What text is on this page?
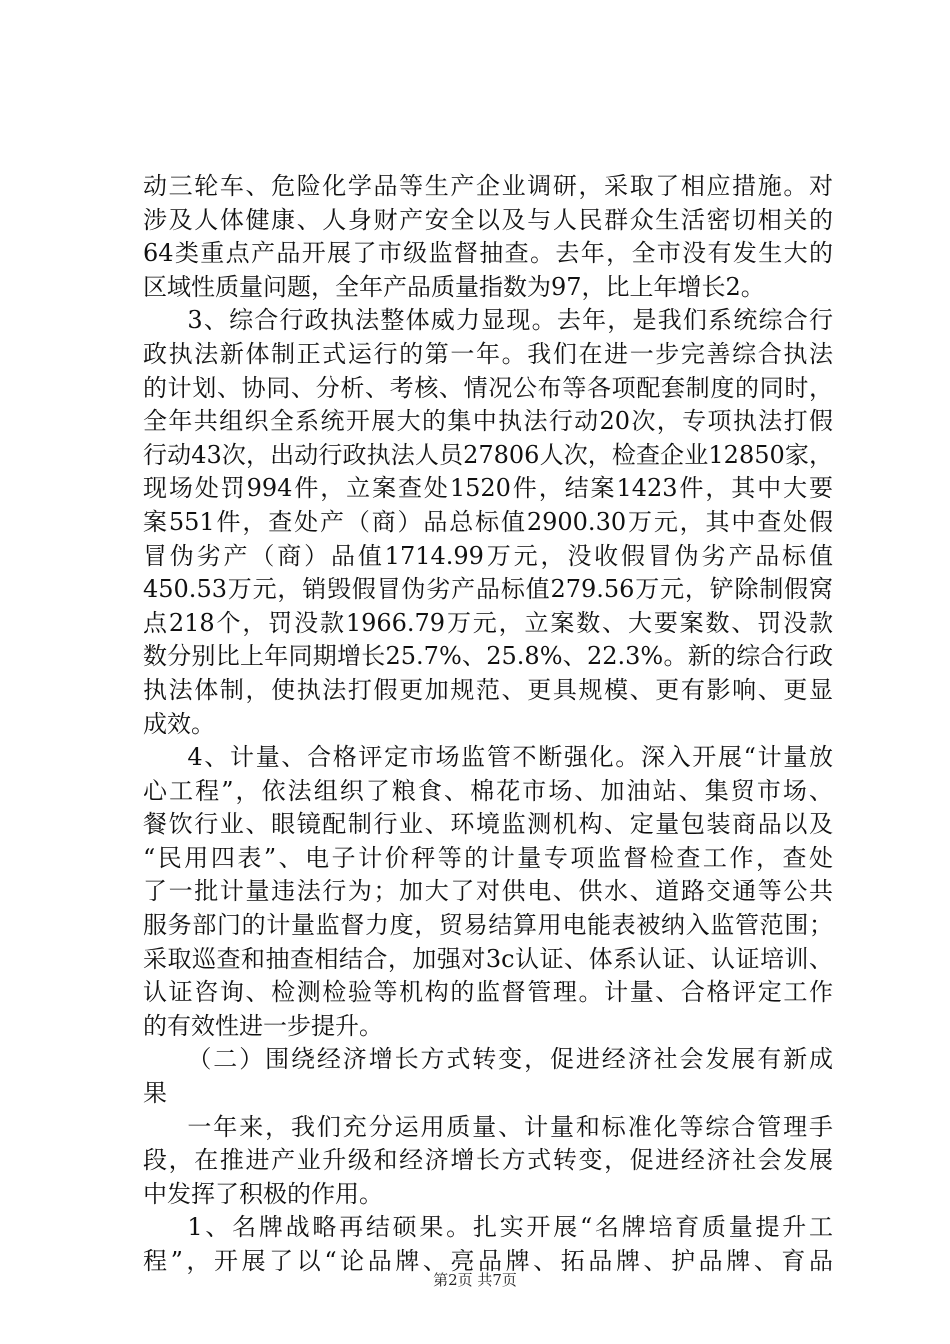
动三轮车、危险化学品等生产企业调研，采取了相应措施。对
涉及人体健康、人身财产安全以及与人民群众生活密切相关的
64类重点产品开展了市级监督抽查。去年，全市没有发生大的
区域性质量问题，全年产品质量指数为97，比上年增长2。
3、综合行政执法整体威力显现。去年，是我们系统综合行
政执法新体制正式运行的第一年。我们在进一步完善综合执法
的计划、协同、分析、考核、情况公布等各项配套制度的同时，
全年共组织全系统开展大的集中执法行动20次，专项执法打假
行动43次，出动行政执法人员27806人次，检查企业12850家，
现场处罚994件，立案查处1520件，结案1423件，其中大要
案551件，查处产（商）品总标值2900.30万元，其中查处假
冒伪劣产（商）品值1714.99万元，没收假冒伪劣产品标值
450.53万元，销毁假冒伪劣产品标值279.56万元，铲除制假窝
点218个，罚没款1966.79万元，立案数、大要案数、罚没款
数分别比上年同期增长25.7%、25.8%、22.3%。新的综合行政
执法体制，使执法打假更加规范、更具规模、更有影响、更显
成效。
4、计量、合格评定市场监管不断强化。深入开展“计量放
心工程”，依法组织了粮食、棉花市场、加油站、集贸市场、
餐饮行业、眼镜配制行业、环境监测机构、定量包装商品以及
“民用四表”、电子计价秤等的计量专项监督检查工作，查处
了一批计量违法行为；加大了对供电、供水、道路交通等公共
服务部门的计量监督力度，贸易结算用电能表被纳入监管范围；
采取巡查和抽查相结合，加强对3c认证、体系认证、认证培训、
认证咨询、检测检验等机构的监督管理。计量、合格评定工作
的有效性进一步提升。
（二）围绕经济增长方式转变，促进经济社会发展有新成
果
一年来，我们充分运用质量、计量和标准化等综合管理手
段，在推进产业升级和经济增长方式转变，促进经济社会发展
中发挥了积极的作用。
1、名牌战略再结硕果。扎实开展“名牌培育质量提升工
程”，开展了以“论品牌、亮品牌、拓品牌、护品牌、育品
第2页 共7页
